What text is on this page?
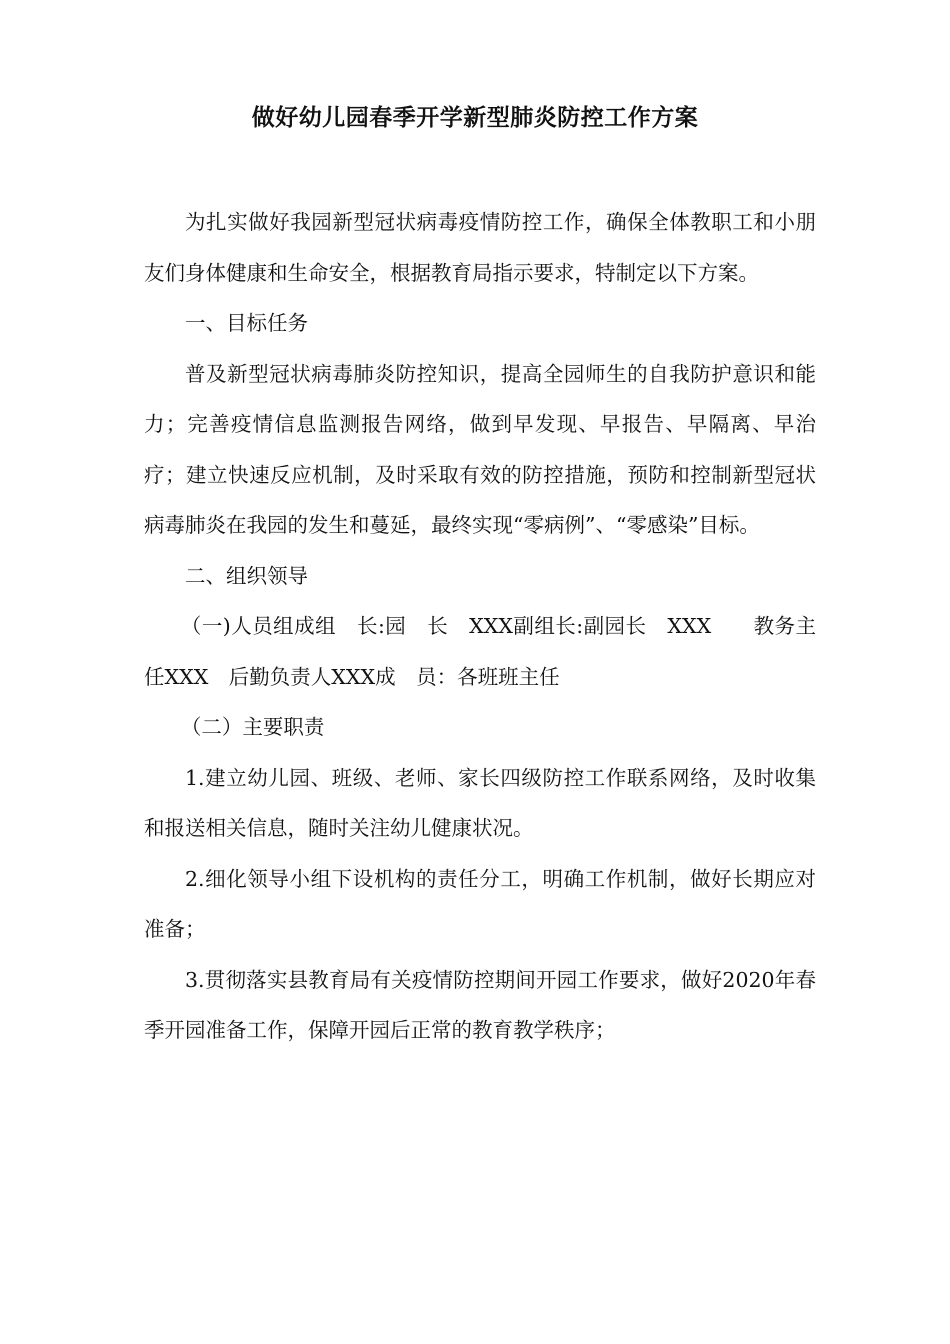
做好幼儿园春季开学新型肺炎防控工作方案

为扎实做好我园新型冠状病毒疫情防控工作，确保全体教职工和小朋友们身体健康和生命安全，根据教育局指示要求，特制定以下方案。

一、目标任务

普及新型冠状病毒肺炎防控知识，提高全园师生的自我防护意识和能力；完善疫情信息监测报告网络，做到早发现、早报告、早隔离、早治疗；建立快速反应机制，及时采取有效的防控措施，预防和控制新型冠状病毒肺炎在我园的发生和蔓延，最终实现“零病例”、“零感染”目标。

二、组织领导

（一)人员组成组　长:园　长　XXX副组长:副园长　XXX　　教务主任XXX　后勤负责人XXX成　员：各班班主任

（二）主要职责

1.建立幼儿园、班级、老师、家长四级防控工作联系网络，及时收集和报送相关信息，随时关注幼儿健康状况。

2.细化领导小组下设机构的责任分工，明确工作机制，做好长期应对准备；

3.贯彻落实县教育局有关疫情防控期间开园工作要求，做好2020年春季开园准备工作，保障开园后正常的教育教学秩序；
